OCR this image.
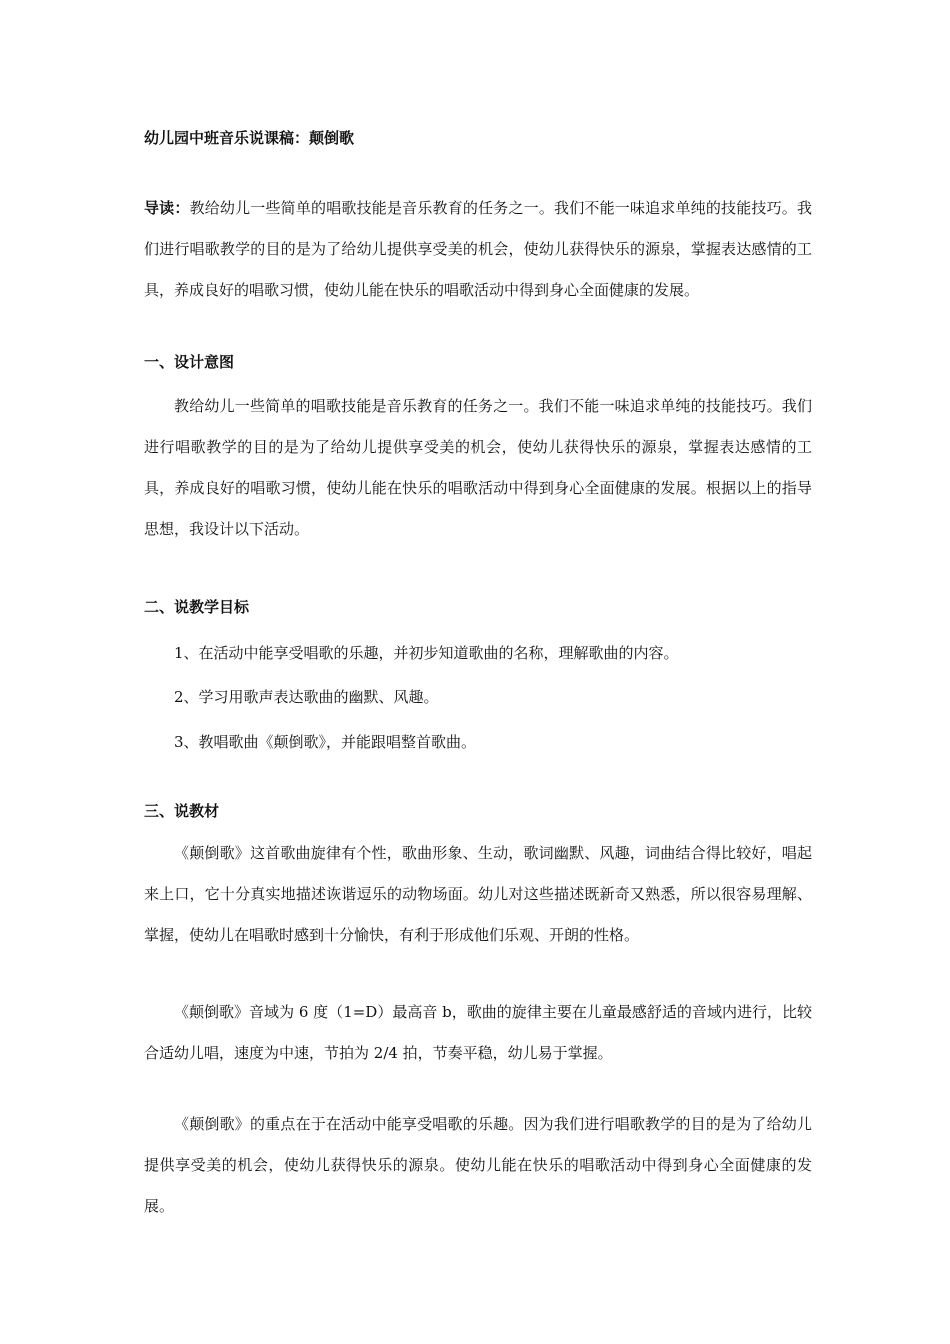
幼儿园中班音乐说课稿：颠倒歌
导读：教给幼儿一些简单的唱歌技能是音乐教育的任务之一。我们不能一味追求单纯的技能技巧。我们进行唱歌教学的目的是为了给幼儿提供享受美的机会，使幼儿获得快乐的源泉，掌握表达感情的工具，养成良好的唱歌习惯，使幼儿能在快乐的唱歌活动中得到身心全面健康的发展。
一、设计意图
教给幼儿一些简单的唱歌技能是音乐教育的任务之一。我们不能一味追求单纯的技能技巧。我们进行唱歌教学的目的是为了给幼儿提供享受美的机会，使幼儿获得快乐的源泉，掌握表达感情的工具，养成良好的唱歌习惯，使幼儿能在快乐的唱歌活动中得到身心全面健康的发展。根据以上的指导思想，我设计以下活动。
二、说教学目标
1、在活动中能享受唱歌的乐趣，并初步知道歌曲的名称，理解歌曲的内容。
2、学习用歌声表达歌曲的幽默、风趣。
3、教唱歌曲《颠倒歌》，并能跟唱整首歌曲。
三、说教材
《颠倒歌》这首歌曲旋律有个性，歌曲形象、生动，歌词幽默、风趣，词曲结合得比较好，唱起来上口，它十分真实地描述诙谐逗乐的动物场面。幼儿对这些描述既新奇又熟悉，所以很容易理解、掌握，使幼儿在唱歌时感到十分愉快，有利于形成他们乐观、开朗的性格。
《颠倒歌》音域为 6 度（1=D）最高音 b，歌曲的旋律主要在儿童最感舒适的音域内进行，比较合适幼儿唱，速度为中速，节拍为 2/4 拍，节奏平稳，幼儿易于掌握。
《颠倒歌》的重点在于在活动中能享受唱歌的乐趣。因为我们进行唱歌教学的目的是为了给幼儿提供享受美的机会，使幼儿获得快乐的源泉。使幼儿能在快乐的唱歌活动中得到身心全面健康的发展。
